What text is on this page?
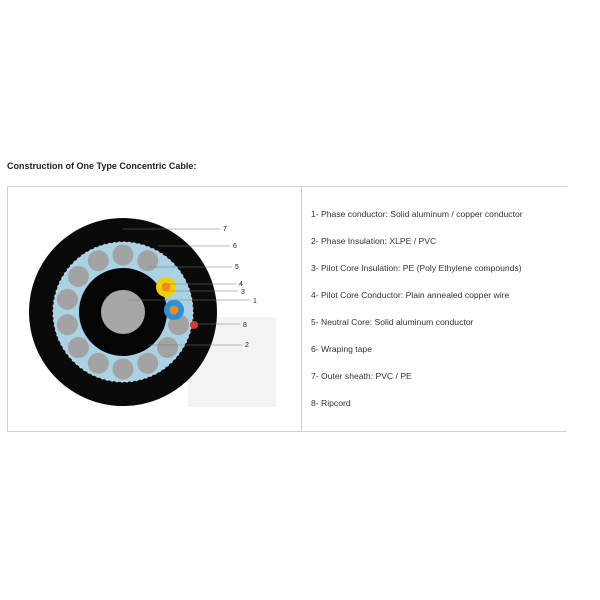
Construction of One Type Concentric Cable:
7
6
5
4
3
1
8
2
1- Phase conductor: Solid aluminum / copper conductor
2- Phase Insulation: XLPE / PVC
3- Pilot Core Insulation: PE (Poly Ethylene compounds)
4- Pilot Core Conductor: Plain annealed copper wire
5- Neutral Core: Solid aluminum conductor
6- Wraping tape
7- Outer sheath: PVC / PE
8- Ripcord
